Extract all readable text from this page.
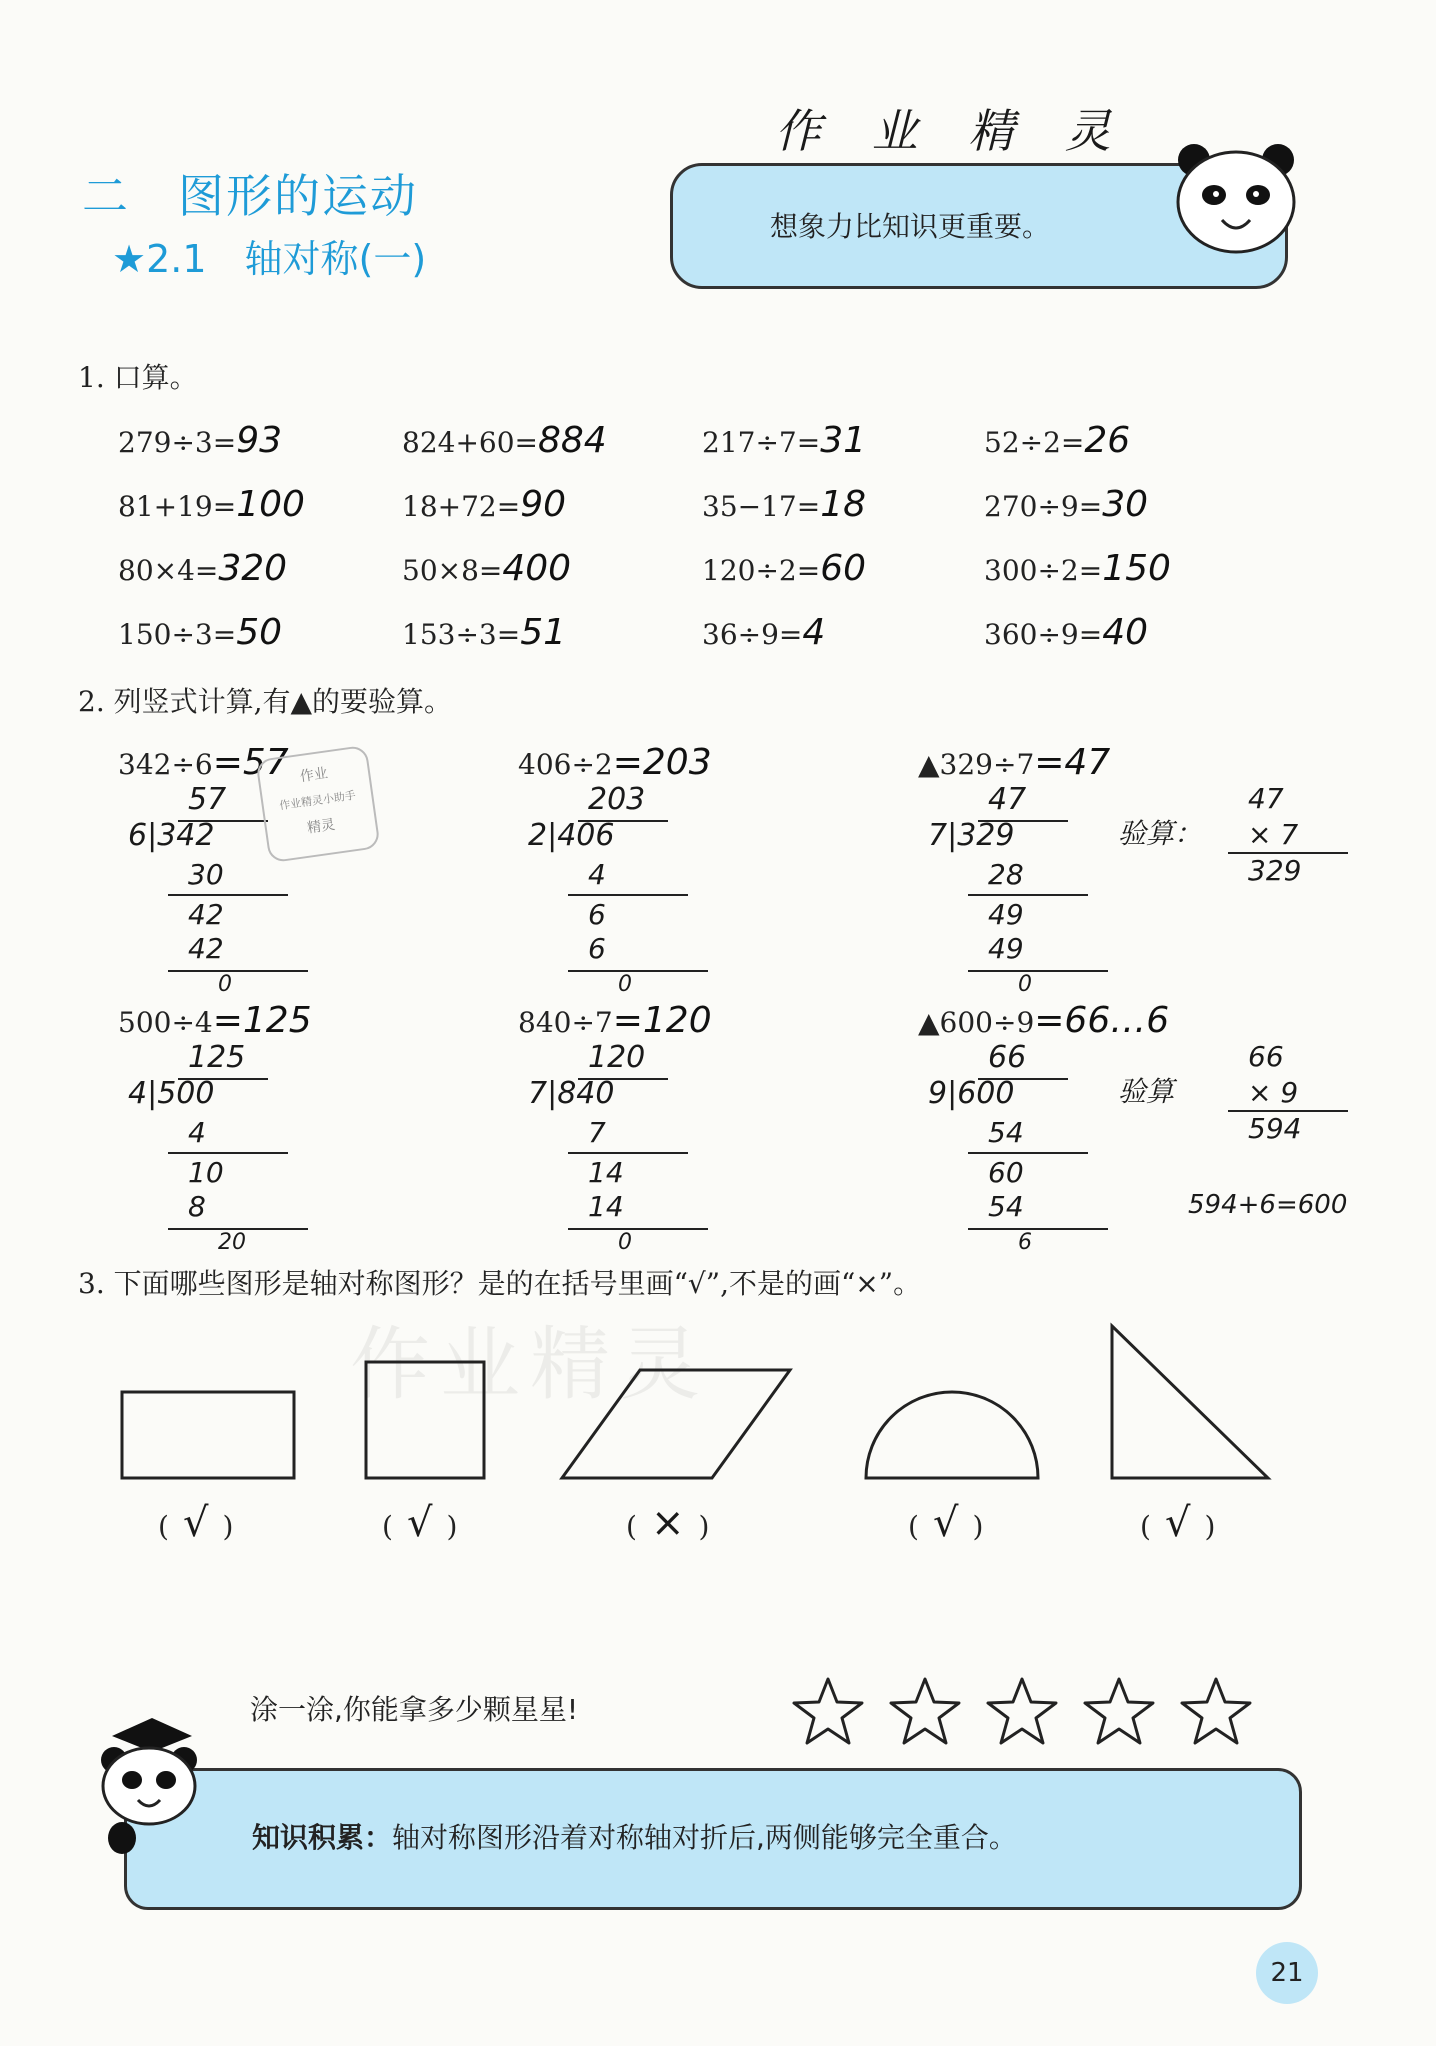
作 业 精 灵
二　图形的运动
★2.1　轴对称(一)
想象力比知识更重要。
1. 口算。
279÷3=93	824+60=884	217÷7=31	52÷2=26
81+19=100	18+72=90	35−17=18	270÷9=30
80×4=320	50×8=400	120÷2=60	300÷2=150
150÷3=50	153÷3=51	36÷9=4	360÷9=40
2. 列竖式计算,有▲的要验算。
342÷6=57
57
6|342
30
42
42
0
406÷2=203
203
2|406
4
6
6
0
▲329÷7=47
47
7|329
28
49
49
0
验算：
47
× 7
329
500÷4=125
125
4|500
4
10
8
20
840÷7=120
120
7|840
7
14
14
0
▲600÷9=66…6
66
9|600
54
60
54
6
验算
66
× 9
594
594+6=600
作业
作业精灵小助手
精灵
3. 下面哪些图形是轴对称图形？是的在括号里画“√”,不是的画“×”。
作业精灵
( √ )	( √ )	( × )	( √ )	( √ )
涂一涂,你能拿多少颗星星!
知识积累：轴对称图形沿着对称轴对折后,两侧能够完全重合。
21
